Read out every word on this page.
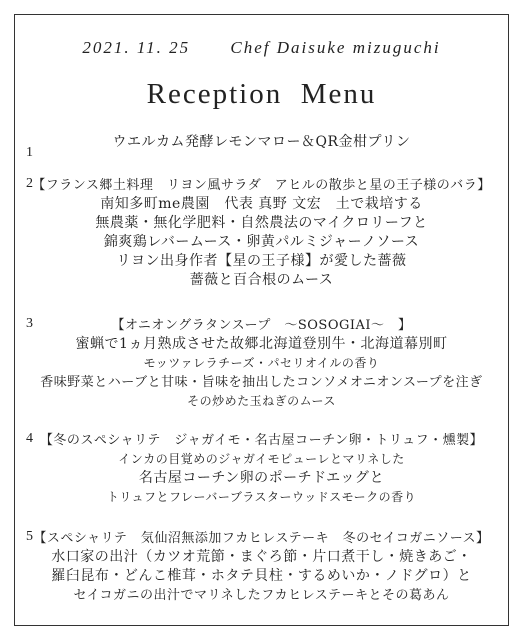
2021. 11. 25 Chef Daisuke mizuguchi
Reception  Menu
1
ウエルカム発酵レモンマロー＆QR金柑プリン
2 【フランス郷土料理　リヨン風サラダ　アヒルの散歩と星の王子様のバラ】
南知多町me農園　代表 真野 文宏　土で栽培する
無農薬・無化学肥料・自然農法のマイクロリーフと
錦爽鶏レバームース・卵黄パルミジャーノソース
リヨン出身作者【星の王子様】が愛した薔薇
薔薇と百合根のムース
3	【オニオングラタンスープ　～SOSOGIAI～　】
蜜蝋で1ヵ月熟成させた故郷北海道登別牛・北海道幕別町
モッツァレラチーズ・パセリオイルの香り
香味野菜とハーブと甘味・旨味を抽出したコンソメオニオンスープを注ぎ
その炒めた玉ねぎのムース
4 【冬のスペシャリテ　ジャガイモ・名古屋コーチン卵・トリュフ・燻製】
インカの目覚めのジャガイモピューレとマリネした
名古屋コーチン卵のポーチドエッグと
トリュフとフレーバーブラスターウッドスモークの香り
5 【スペシャリテ　気仙沼無添加フカヒレステーキ　冬のセイコガニソース】
水口家の出汁（カツオ荒節・まぐろ節・片口煮干し・焼きあご・
羅臼昆布・どんこ椎茸・ホタテ貝柱・するめいか・ノドグロ）と
セイコガニの出汁でマリネしたフカヒレステーキとその葛あん
